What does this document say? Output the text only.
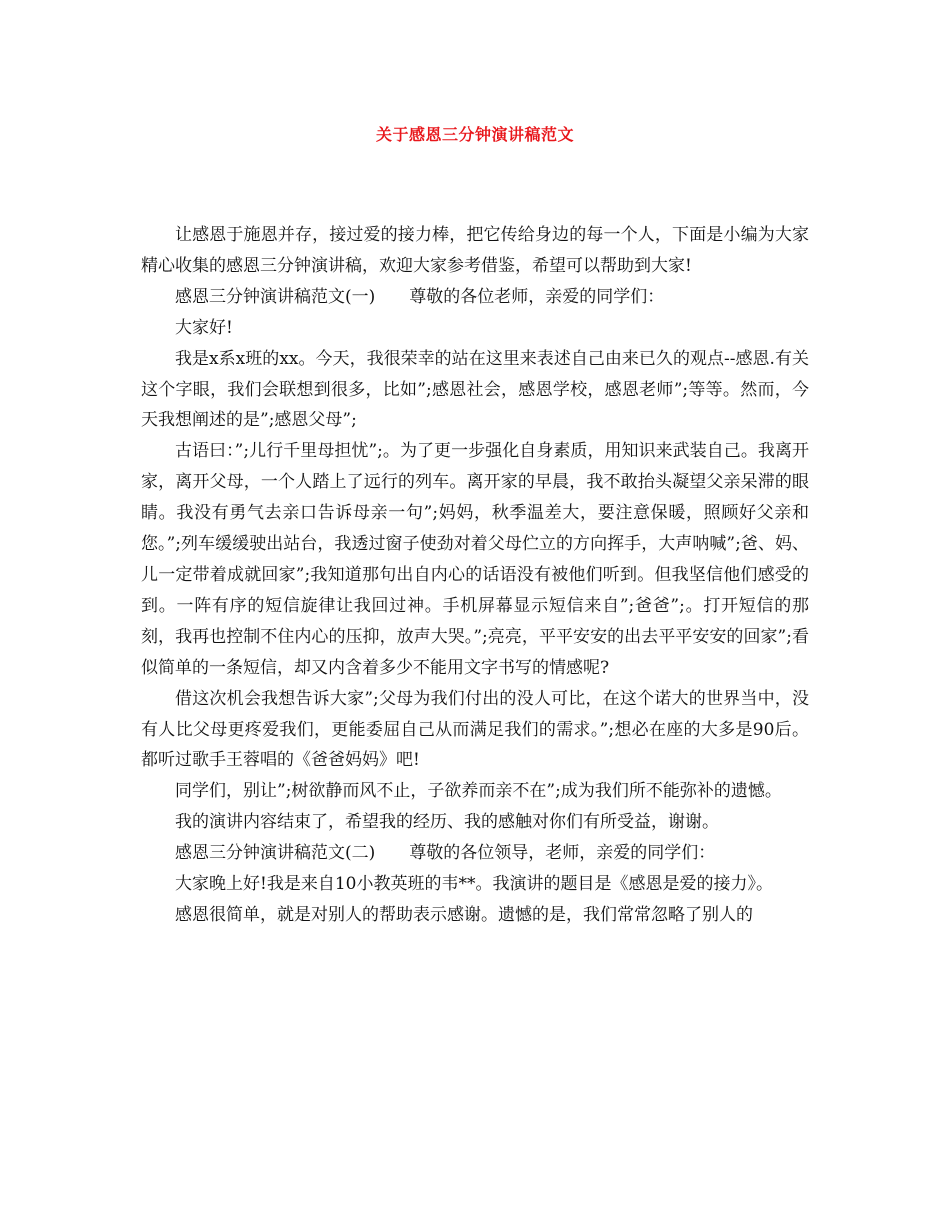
关于感恩三分钟演讲稿范文

让感恩于施恩并存，接过爱的接力棒，把它传给身边的每一个人，下面是小编为大家精心收集的感恩三分钟演讲稿，欢迎大家参考借鉴，希望可以帮助到大家!

感恩三分钟演讲稿范文(一)　　尊敬的各位老师，亲爱的同学们：

大家好!

我是x系x班的xx。今天，我很荣幸的站在这里来表述自己由来已久的观点--感恩.有关这个字眼，我们会联想到很多，比如”;感恩社会，感恩学校，感恩老师”;等等。然而，今天我想阐述的是”;感恩父母”;

古语曰：”;儿行千里母担忧”;。为了更一步强化自身素质，用知识来武装自己。我离开家，离开父母，一个人踏上了远行的列车。离开家的早晨，我不敢抬头凝望父亲呆滞的眼睛。我没有勇气去亲口告诉母亲一句”;妈妈，秋季温差大，要注意保暖，照顾好父亲和您。”;列车缓缓驶出站台，我透过窗子使劲对着父母伫立的方向挥手，大声呐喊”;爸、妈、儿一定带着成就回家”;我知道那句出自内心的话语没有被他们听到。但我坚信他们感受的到。一阵有序的短信旋律让我回过神。手机屏幕显示短信来自”;爸爸”;。打开短信的那刻，我再也控制不住内心的压抑，放声大哭。”;亮亮，平平安安的出去平平安安的回家”;看似简单的一条短信，却又内含着多少不能用文字书写的情感呢?

借这次机会我想告诉大家”;父母为我们付出的没人可比，在这个诺大的世界当中，没有人比父母更疼爱我们，更能委屈自己从而满足我们的需求。”;想必在座的大多是90后。都听过歌手王蓉唱的《爸爸妈妈》吧!

同学们，别让”;树欲静而风不止，子欲养而亲不在”;成为我们所不能弥补的遗憾。

我的演讲内容结束了，希望我的经历、我的感触对你们有所受益，谢谢。

感恩三分钟演讲稿范文(二)　　尊敬的各位领导，老师，亲爱的同学们：

大家晚上好!我是来自10小教英班的韦**。我演讲的题目是《感恩是爱的接力》。

感恩很简单，就是对别人的帮助表示感谢。遗憾的是，我们常常忽略了别人的
